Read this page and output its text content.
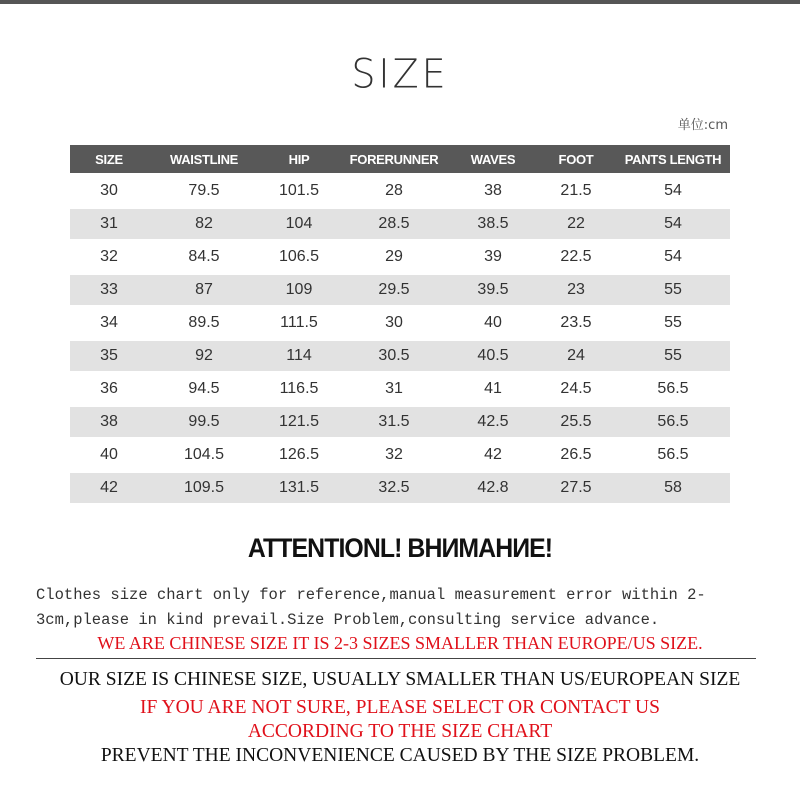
SIZE
单位:cm
SIZE	WAISTLINE	HIP	FORERUNNER	WAVES	FOOT	PANTS LENGTH
30	79.5	101.5	28	38	21.5	54
31	82	104	28.5	38.5	22	54
32	84.5	106.5	29	39	22.5	54
33	87	109	29.5	39.5	23	55
34	89.5	111.5	30	40	23.5	55
35	92	114	30.5	40.5	24	55
36	94.5	116.5	31	41	24.5	56.5
38	99.5	121.5	31.5	42.5	25.5	56.5
40	104.5	126.5	32	42	26.5	56.5
42	109.5	131.5	32.5	42.8	27.5	58
ATTENTIONL! ВНИМАНИЕ!
Clothes size chart only for reference,manual measurement error within 2-3cm,please in kind prevail.Size Problem,consulting service advance.
WE ARE CHINESE SIZE IT IS 2-3 SIZES SMALLER THAN EUROPE/US SIZE.
OUR SIZE IS CHINESE SIZE, USUALLY SMALLER THAN US/EUROPEAN SIZE
IF YOU ARE NOT SURE, PLEASE SELECT OR CONTACT US
ACCORDING TO THE SIZE CHART
PREVENT THE INCONVENIENCE CAUSED BY THE SIZE PROBLEM.
